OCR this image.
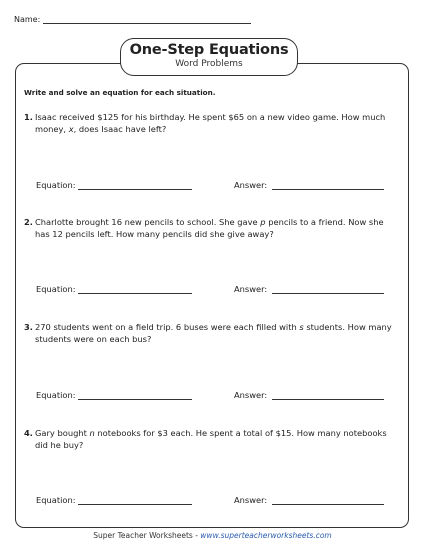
Name:
One-Step Equations
Word Problems
Write and solve an equation for each situation.
1. Isaac received $125 for his birthday. He spent $65 on a new video game. How much money, x, does Isaac have left?
Equation:	Answer:
2. Charlotte brought 16 new pencils to school. She gave p pencils to a friend. Now she has 12 pencils left. How many pencils did she give away?
Equation:	Answer:
3. 270 students went on a field trip. 6 buses were each filled with s students. How many students were on each bus?
Equation:	Answer:
4. Gary bought n notebooks for $3 each. He spent a total of $15. How many notebooks did he buy?
Equation:	Answer:
Super Teacher Worksheets - www.superteacherworksheets.com
